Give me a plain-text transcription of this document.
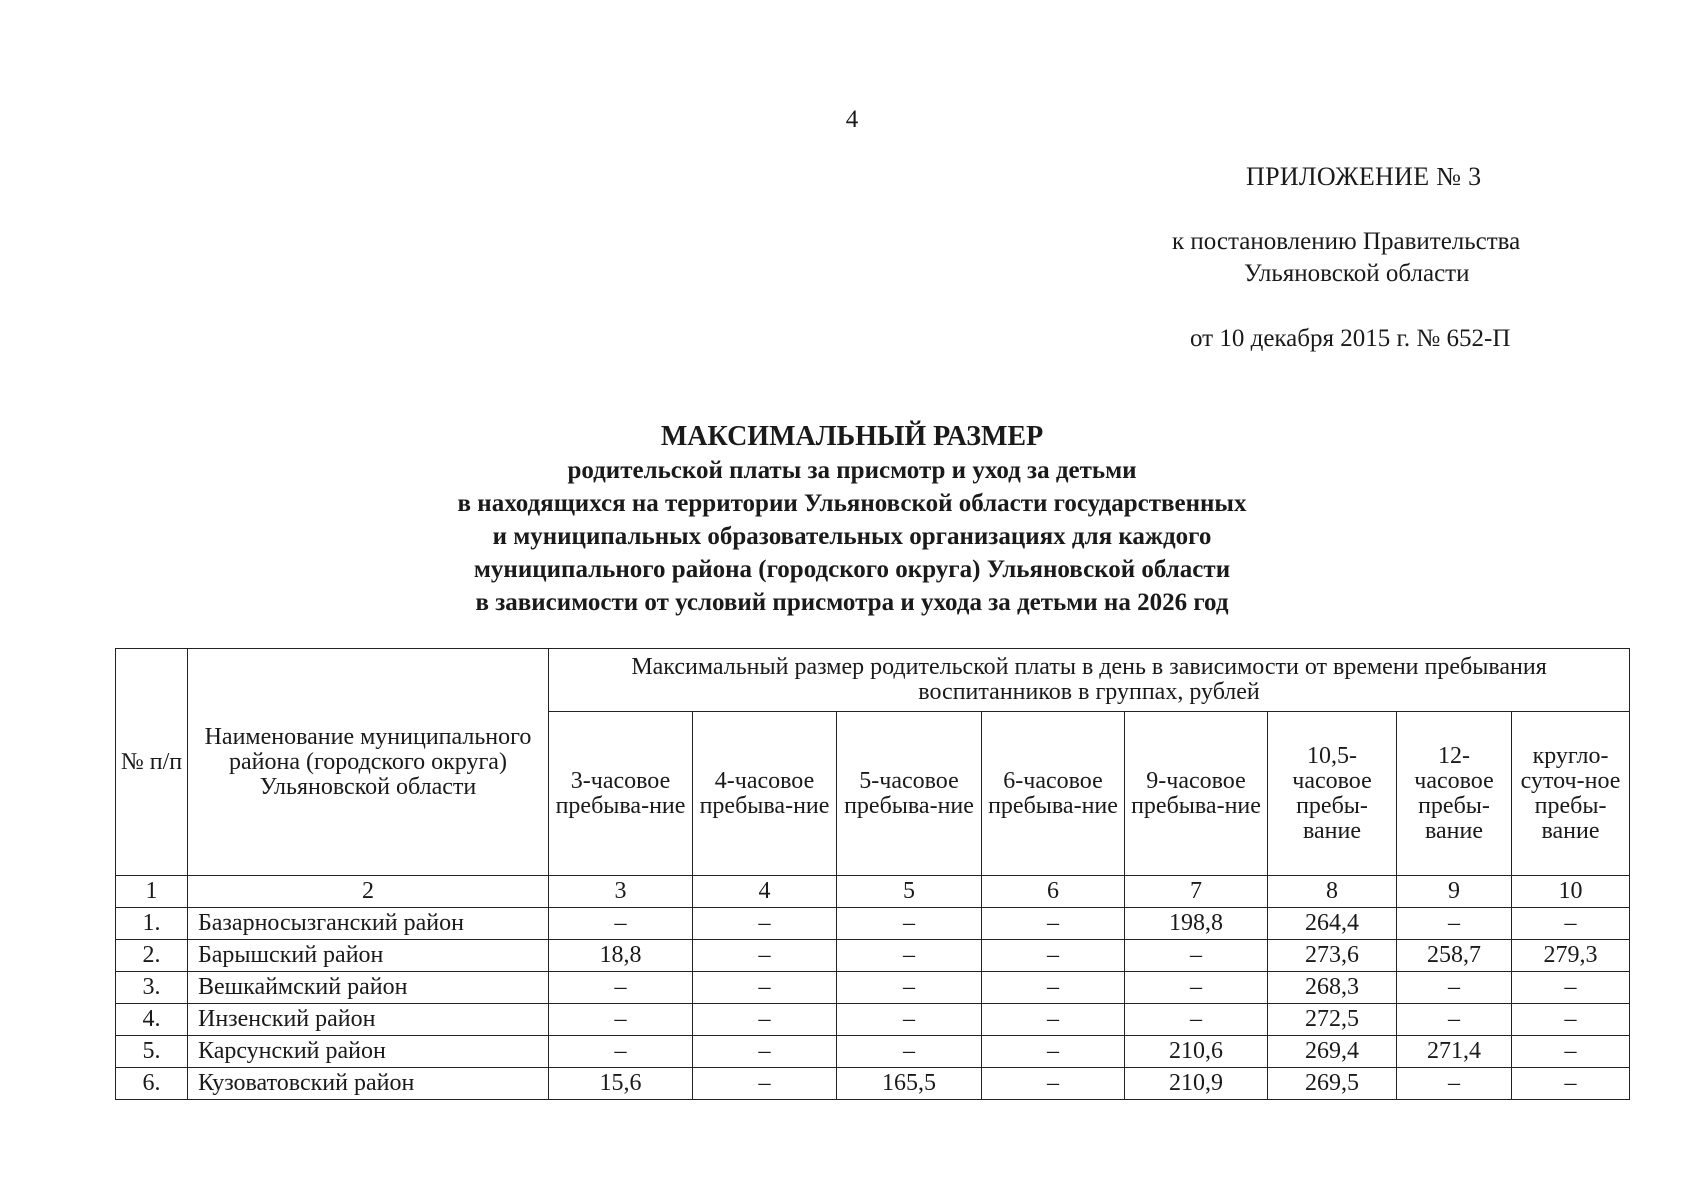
4
ПРИЛОЖЕНИЕ № 3
к постановлению Правительства
Ульяновской области
от 10 декабря 2015 г. № 652-П
МАКСИМАЛЬНЫЙ РАЗМЕР
родительской платы за присмотр и уход за детьми
в находящихся на территории Ульяновской области государственных
и муниципальных образовательных организациях для каждого
муниципального района (городского округа) Ульяновской области
в зависимости от условий присмотра и ухода за детьми на 2026 год
№ п/п	Наименование муниципального района (городского округа) Ульяновской области	Максимальный размер родительской платы в день в зависимости от времени пребывания воспитанников в группах, рублей							
		3-часовое пребыва-ние	4-часовое пребыва-ние	5-часовое пребыва-ние	6-часовое пребыва-ние	9-часовое пребыва-ние	10,5-часовое пребы-вание	12-часовое пребы-вание	кругло-суточ-ное пребы-вание
1	2	3	4	5	6	7	8	9	10
1.	Базарносызганский район	–	–	–	–	198,8	264,4	–	–
2.	Барышский район	18,8	–	–	–	–	273,6	258,7	279,3
3.	Вешкаймский район	–	–	–	–	–	268,3	–	–
4.	Инзенский район	–	–	–	–	–	272,5	–	–
5.	Карсунский район	–	–	–	–	210,6	269,4	271,4	–
6.	Кузоватовский район	15,6	–	165,5	–	210,9	269,5	–	–
